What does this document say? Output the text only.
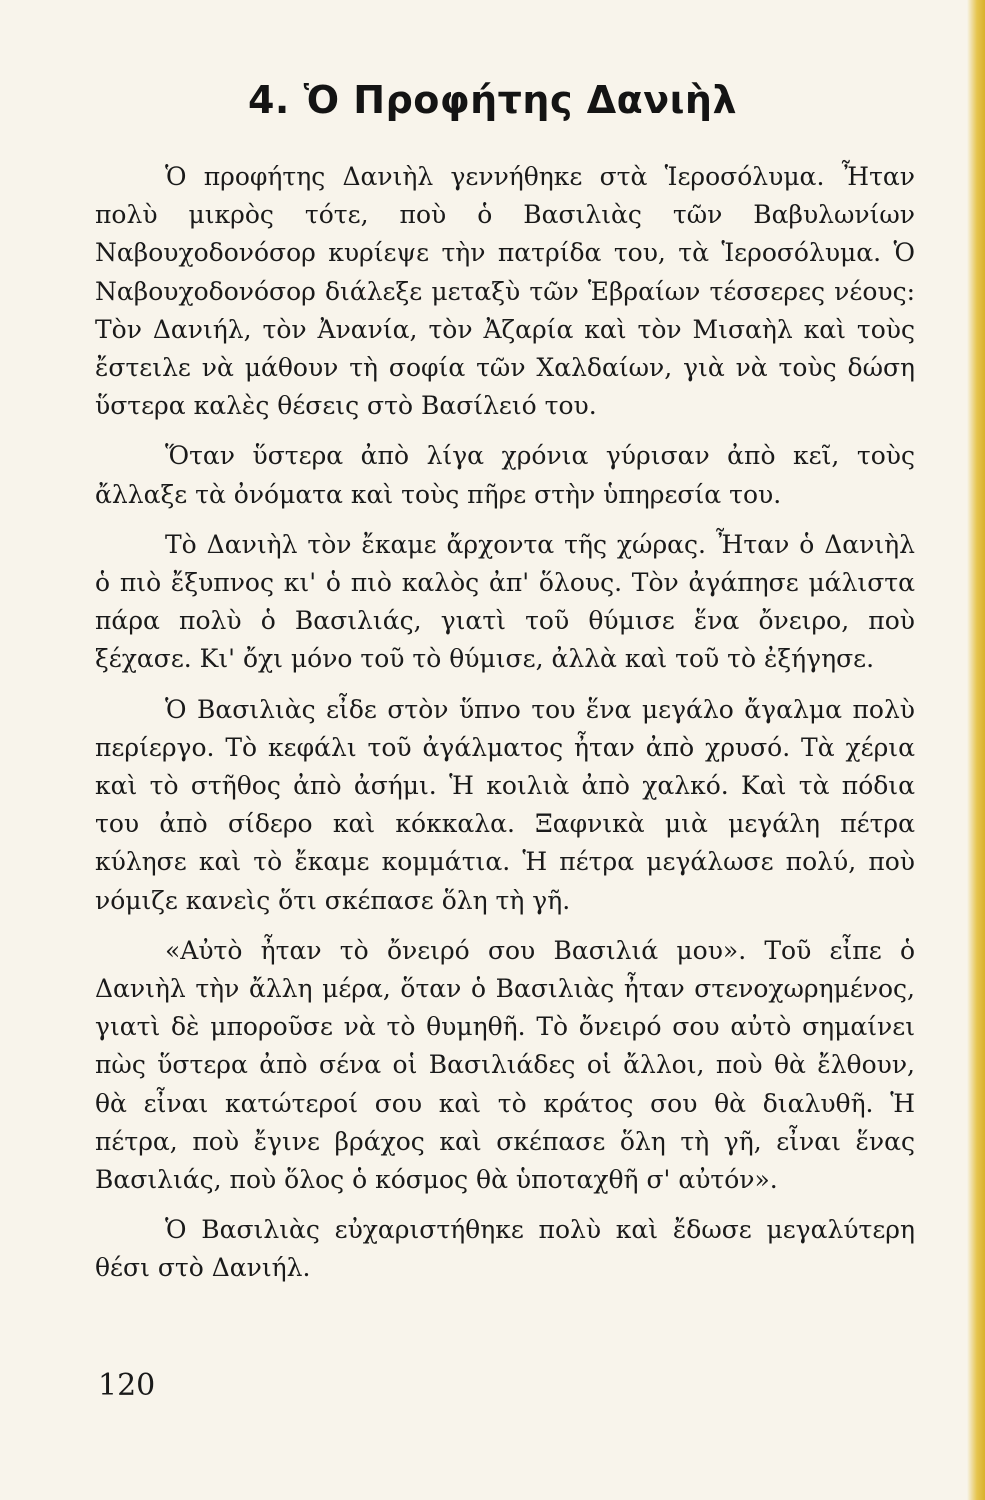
4. Ὁ Προφήτης Δανιὴλ

Ὁ προφήτης Δανιὴλ γεννήθηκε στὰ Ἱεροσόλυμα. Ἦταν πολὺ μικρὸς τότε, ποὺ ὁ Βασιλιὰς τῶν Βαβυλωνίων Ναβουχοδονόσορ κυρίεψε τὴν πατρίδα του, τὰ Ἱεροσόλυμα. Ὁ Ναβουχοδονόσορ διάλεξε μεταξὺ τῶν Ἑβραίων τέσσερες νέους: Τὸν Δανιήλ, τὸν Ἀνανία, τὸν Ἀζαρία καὶ τὸν Μισαὴλ καὶ τοὺς ἔστειλε νὰ μάθουν τὴ σοφία τῶν Χαλδαίων, γιὰ νὰ τοὺς δώση ὕστερα καλὲς θέσεις στὸ Βασίλειό του.

Ὅταν ὕστερα ἀπὸ λίγα χρόνια γύρισαν ἀπὸ κεῖ, τοὺς ἄλλαξε τὰ ὀνόματα καὶ τοὺς πῆρε στὴν ὑπηρεσία του.

Τὸ Δανιὴλ τὸν ἔκαμε ἄρχοντα τῆς χώρας. Ἦταν ὁ Δανιὴλ ὁ πιὸ ἔξυπνος κι' ὁ πιὸ καλὸς ἀπ' ὅλους. Τὸν ἀγάπησε μάλιστα πάρα πολὺ ὁ Βασιλιάς, γιατὶ τοῦ θύμισε ἕνα ὄνειρο, ποὺ ξέχασε. Κι' ὄχι μόνο τοῦ τὸ θύμισε, ἀλλὰ καὶ τοῦ τὸ ἐξήγησε.

Ὁ Βασιλιὰς εἶδε στὸν ὕπνο του ἕνα μεγάλο ἄγαλμα πολὺ περίεργο. Τὸ κεφάλι τοῦ ἀγάλματος ἦταν ἀπὸ χρυσό. Τὰ χέρια καὶ τὸ στῆθος ἀπὸ ἀσήμι. Ἡ κοιλιὰ ἀπὸ χαλκό. Καὶ τὰ πόδια του ἀπὸ σίδερο καὶ κόκκαλα. Ξαφνικὰ μιὰ μεγάλη πέτρα κύλησε καὶ τὸ ἔκαμε κομμάτια. Ἡ πέτρα μεγάλωσε πολύ, ποὺ νόμιζε κανεὶς ὅτι σκέπασε ὅλη τὴ γῆ.

«Αὐτὸ ἦταν τὸ ὄνειρό σου Βασιλιά μου». Τοῦ εἶπε ὁ Δανιὴλ τὴν ἄλλη μέρα, ὅταν ὁ Βασιλιὰς ἦταν στενοχωρημένος, γιατὶ δὲ μποροῦσε νὰ τὸ θυμηθῆ. Τὸ ὄνειρό σου αὐτὸ σημαίνει πὼς ὕστερα ἀπὸ σένα οἱ Βασιλιάδες οἱ ἄλλοι, ποὺ θὰ ἔλθουν, θὰ εἶναι κατώτεροί σου καὶ τὸ κράτος σου θὰ διαλυθῆ. Ἡ πέτρα, ποὺ ἔγινε βράχος καὶ σκέπασε ὅλη τὴ γῆ, εἶναι ἕνας Βασιλιάς, ποὺ ὅλος ὁ κόσμος θὰ ὑποταχθῆ σ' αὐτόν».

Ὁ Βασιλιὰς εὐχαριστήθηκε πολὺ καὶ ἔδωσε μεγαλύτερη θέσι στὸ Δανιήλ.

120
